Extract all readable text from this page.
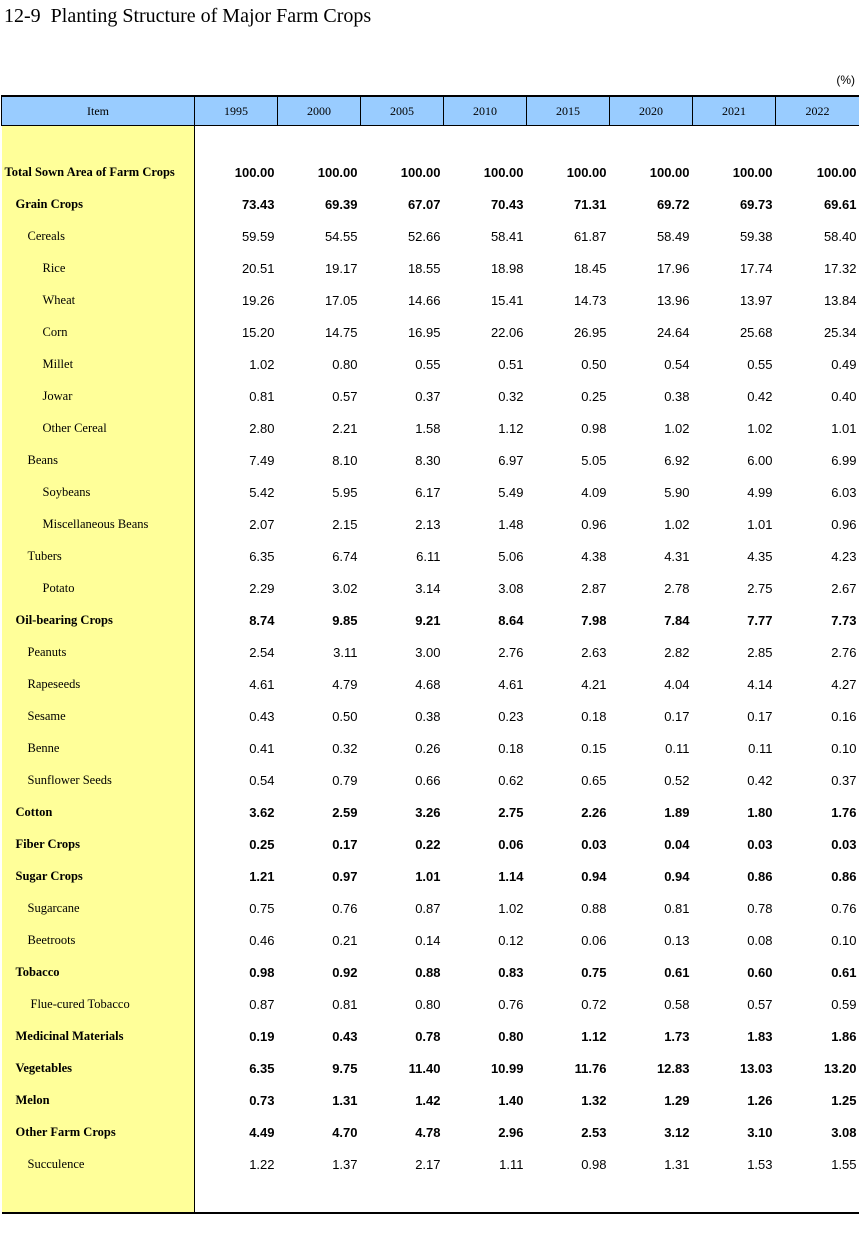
12-9  Planting Structure of Major Farm Crops
(%)
Item	1995	2000	2005	2010	2015	2020	2021	2022

Total Sown Area of Farm Crops	100.00	100.00	100.00	100.00	100.00	100.00	100.00	100.00
Grain Crops	73.43	69.39	67.07	70.43	71.31	69.72	69.73	69.61
Cereals	59.59	54.55	52.66	58.41	61.87	58.49	59.38	58.40
Rice	20.51	19.17	18.55	18.98	18.45	17.96	17.74	17.32
Wheat	19.26	17.05	14.66	15.41	14.73	13.96	13.97	13.84
Corn	15.20	14.75	16.95	22.06	26.95	24.64	25.68	25.34
Millet	1.02	0.80	0.55	0.51	0.50	0.54	0.55	0.49
Jowar	0.81	0.57	0.37	0.32	0.25	0.38	0.42	0.40
Other Cereal	2.80	2.21	1.58	1.12	0.98	1.02	1.02	1.01
Beans	7.49	8.10	8.30	6.97	5.05	6.92	6.00	6.99
Soybeans	5.42	5.95	6.17	5.49	4.09	5.90	4.99	6.03
Miscellaneous Beans	2.07	2.15	2.13	1.48	0.96	1.02	1.01	0.96
Tubers	6.35	6.74	6.11	5.06	4.38	4.31	4.35	4.23
Potato	2.29	3.02	3.14	3.08	2.87	2.78	2.75	2.67
Oil-bearing Crops	8.74	9.85	9.21	8.64	7.98	7.84	7.77	7.73
Peanuts	2.54	3.11	3.00	2.76	2.63	2.82	2.85	2.76
Rapeseeds	4.61	4.79	4.68	4.61	4.21	4.04	4.14	4.27
Sesame	0.43	0.50	0.38	0.23	0.18	0.17	0.17	0.16
Benne	0.41	0.32	0.26	0.18	0.15	0.11	0.11	0.10
Sunflower Seeds	0.54	0.79	0.66	0.62	0.65	0.52	0.42	0.37
Cotton	3.62	2.59	3.26	2.75	2.26	1.89	1.80	1.76
Fiber Crops	0.25	0.17	0.22	0.06	0.03	0.04	0.03	0.03
Sugar Crops	1.21	0.97	1.01	1.14	0.94	0.94	0.86	0.86
Sugarcane	0.75	0.76	0.87	1.02	0.88	0.81	0.78	0.76
Beetroots	0.46	0.21	0.14	0.12	0.06	0.13	0.08	0.10
Tobacco	0.98	0.92	0.88	0.83	0.75	0.61	0.60	0.61
Flue-cured Tobacco	0.87	0.81	0.80	0.76	0.72	0.58	0.57	0.59
Medicinal Materials	0.19	0.43	0.78	0.80	1.12	1.73	1.83	1.86
Vegetables	6.35	9.75	11.40	10.99	11.76	12.83	13.03	13.20
Melon	0.73	1.31	1.42	1.40	1.32	1.29	1.26	1.25
Other Farm Crops	4.49	4.70	4.78	2.96	2.53	3.12	3.10	3.08
Succulence	1.22	1.37	2.17	1.11	0.98	1.31	1.53	1.55
